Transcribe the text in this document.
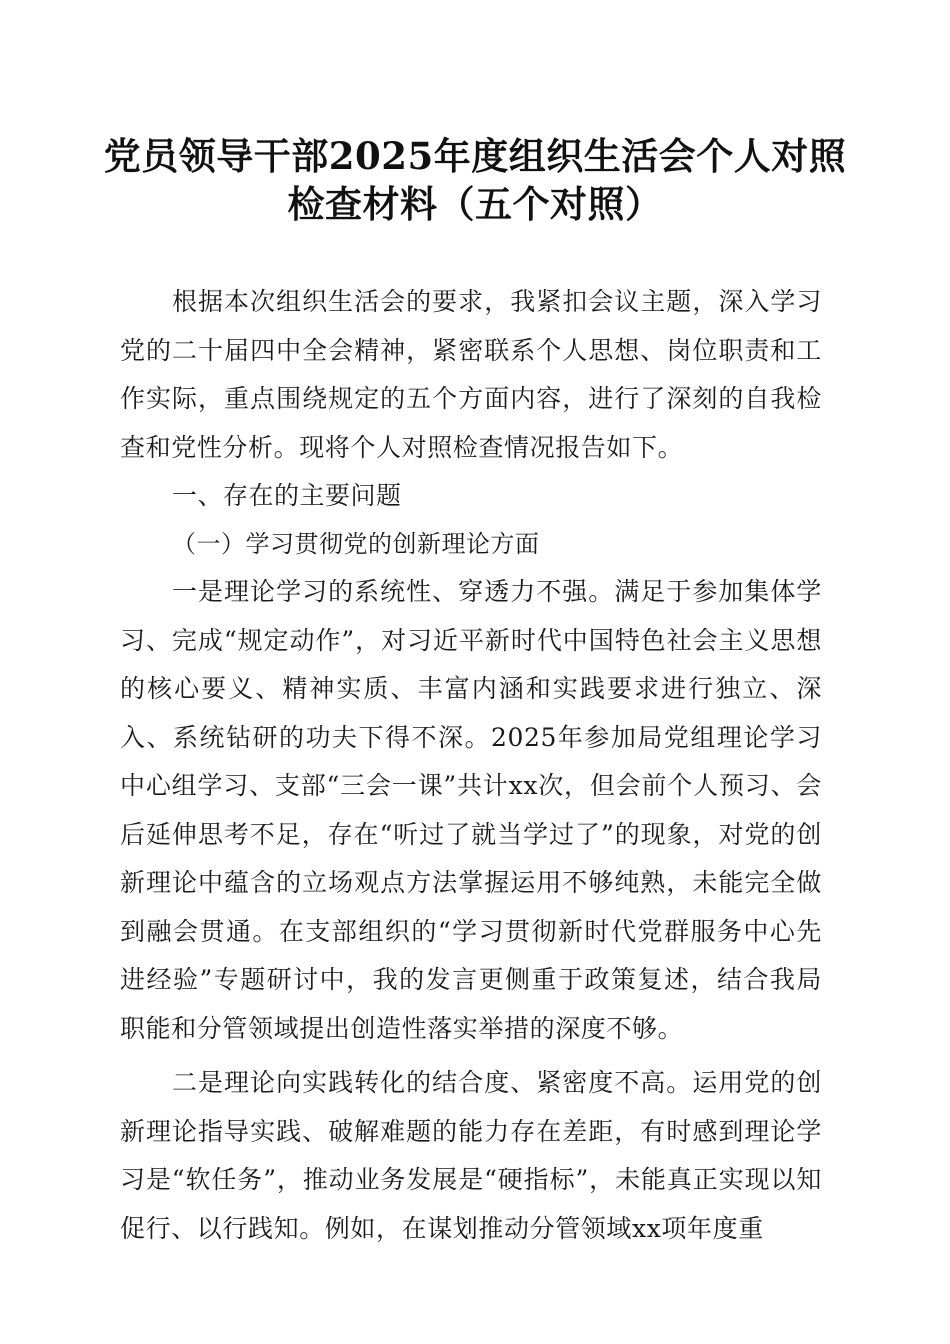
党员领导干部2025年度组织生活会个人对照
检查材料（五个对照）

根据本次组织生活会的要求，我紧扣会议主题，深入学习党的二十届四中全会精神，紧密联系个人思想、岗位职责和工作实际，重点围绕规定的五个方面内容，进行了深刻的自我检查和党性分析。现将个人对照检查情况报告如下。

一、存在的主要问题

（一）学习贯彻党的创新理论方面

一是理论学习的系统性、穿透力不强。满足于参加集体学习、完成“规定动作”，对习近平新时代中国特色社会主义思想的核心要义、精神实质、丰富内涵和实践要求进行独立、深入、系统钻研的功夫下得不深。2025年参加局党组理论学习中心组学习、支部“三会一课”共计xx次，但会前个人预习、会后延伸思考不足，存在“听过了就当学过了”的现象，对党的创新理论中蕴含的立场观点方法掌握运用不够纯熟，未能完全做到融会贯通。在支部组织的“学习贯彻新时代党群服务中心先进经验”专题研讨中，我的发言更侧重于政策复述，结合我局职能和分管领域提出创造性落实举措的深度不够。

二是理论向实践转化的结合度、紧密度不高。运用党的创新理论指导实践、破解难题的能力存在差距，有时感到理论学习是“软任务”，推动业务发展是“硬指标”，未能真正实现以知促行、以行践知。例如，在谋划推动分管领域xx项年度重
